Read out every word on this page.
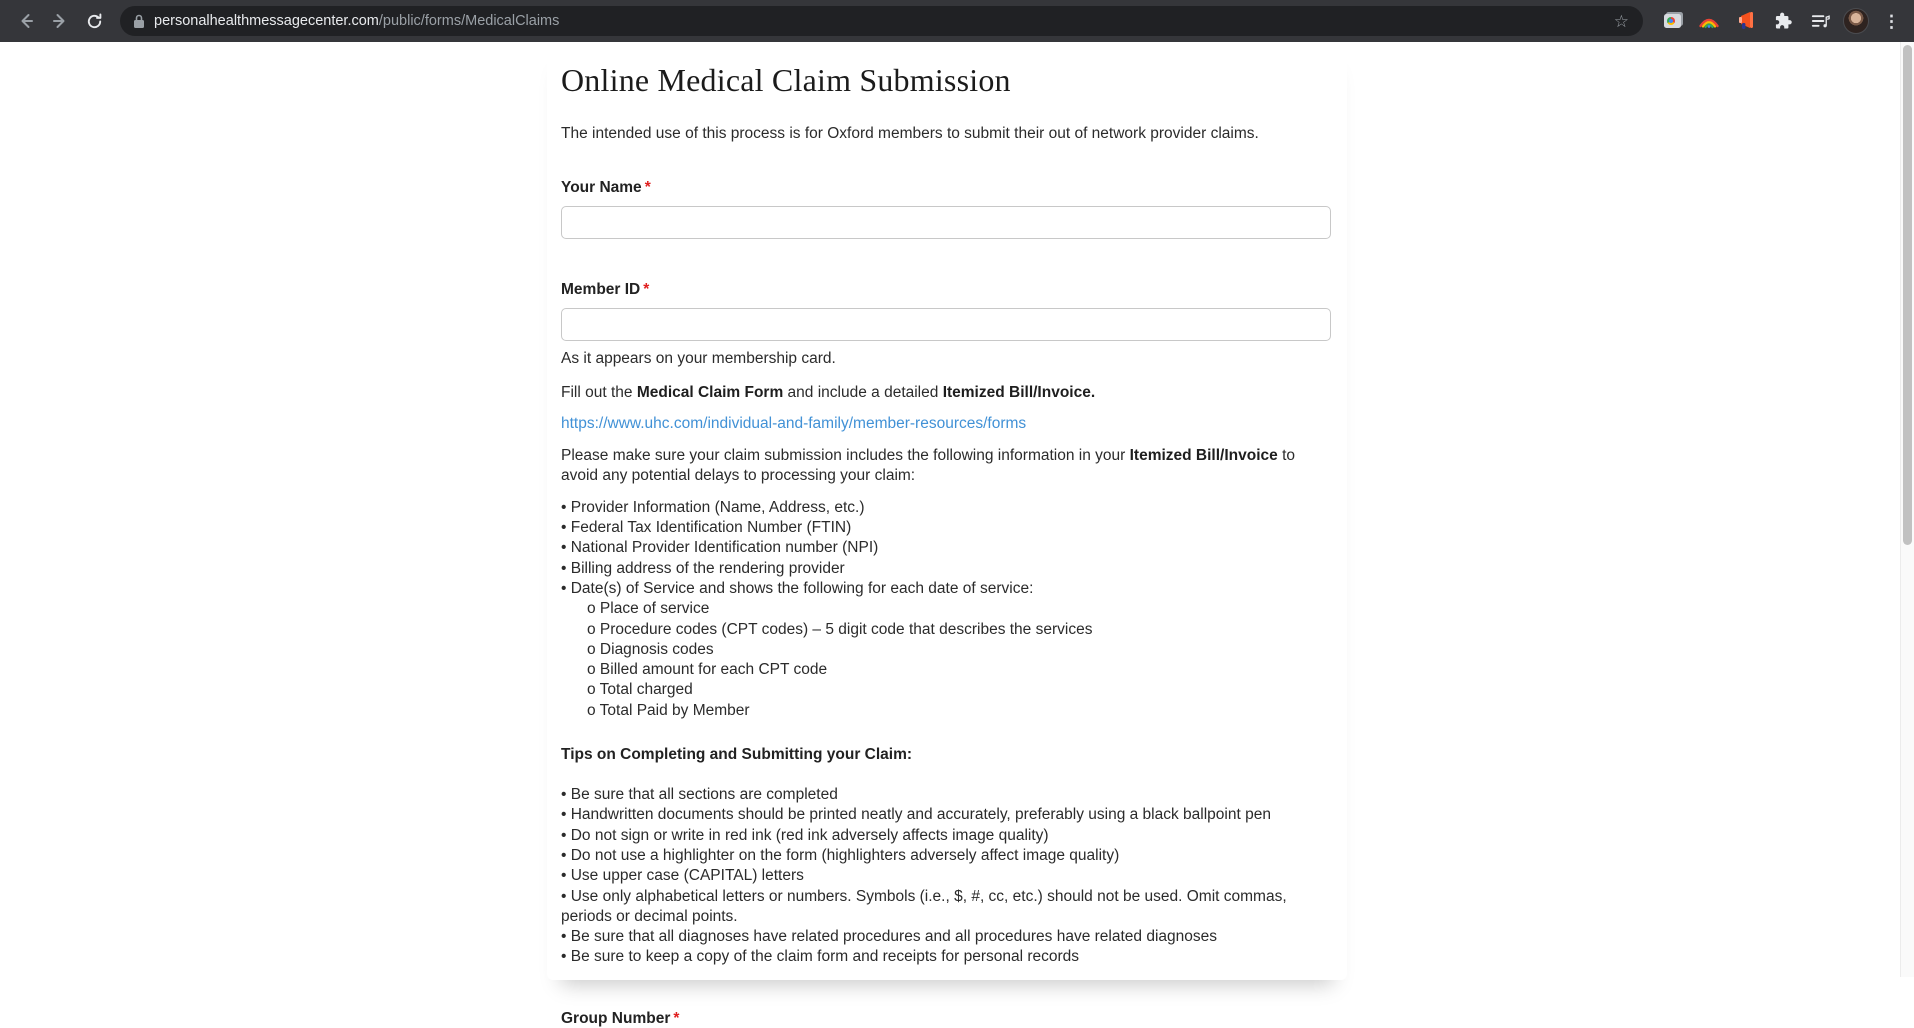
personalhealthmessagecenter.com/public/forms/MedicalClaims	☆	⋮
Online Medical Claim Submission

The intended use of this process is for Oxford members to submit their out of network provider claims.

Your Name *
Member ID *
As it appears on your membership card.

Fill out the Medical Claim Form and include a detailed Itemized Bill/Invoice.

https://www.uhc.com/individual-and-family/member-resources/forms

Please make sure your claim submission includes the following information in your Itemized Bill/Invoice to avoid any potential delays to processing your claim:

• Provider Information (Name, Address, etc.)
• Federal Tax Identification Number (FTIN)
• National Provider Identification number (NPI)
• Billing address of the rendering provider
• Date(s) of Service and shows the following for each date of service:
o Place of service
o Procedure codes (CPT codes) – 5 digit code that describes the services
o Diagnosis codes
o Billed amount for each CPT code
o Total charged
o Total Paid by Member
Tips on Completing and Submitting your Claim:
• Be sure that all sections are completed
• Handwritten documents should be printed neatly and accurately, preferably using a black ballpoint pen
• Do not sign or write in red ink (red ink adversely affects image quality)
• Do not use a highlighter on the form (highlighters adversely affect image quality)
• Use upper case (CAPITAL) letters
• Use only alphabetical letters or numbers. Symbols (i.e., $, #, cc, etc.) should not be used. Omit commas, periods or decimal points.
• Be sure that all diagnoses have related procedures and all procedures have related diagnoses
• Be sure to keep a copy of the claim form and receipts for personal records
Group Number *
